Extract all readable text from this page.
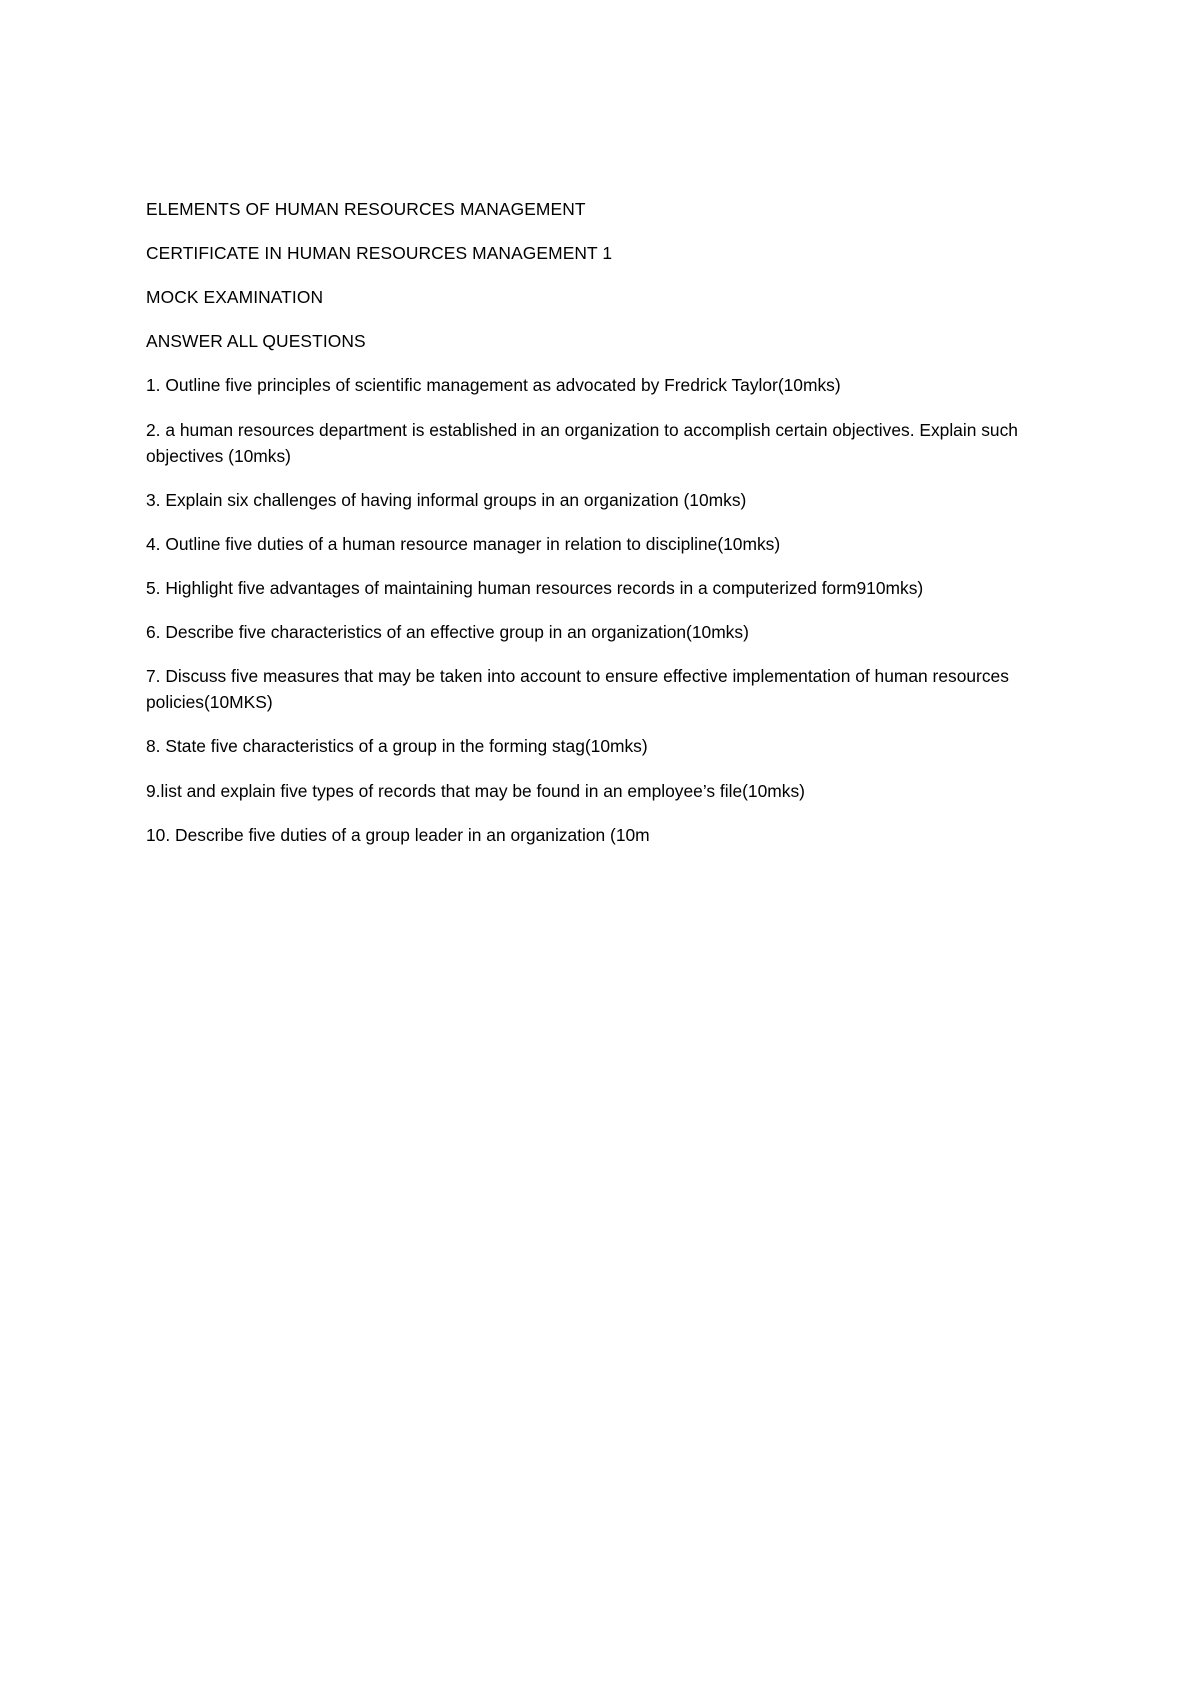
ELEMENTS OF HUMAN RESOURCES MANAGEMENT
CERTIFICATE IN HUMAN RESOURCES MANAGEMENT 1
MOCK EXAMINATION
ANSWER ALL QUESTIONS
1. Outline five principles of scientific management as advocated by Fredrick Taylor(10mks)
2. a human resources department is established in an organization to accomplish certain objectives. Explain such objectives (10mks)
3. Explain six challenges of having informal groups in an organization (10mks)
4. Outline five duties of a human resource manager in relation to discipline(10mks)
5. Highlight five advantages of maintaining human resources records in a computerized form910mks)
6. Describe five characteristics of an effective group in an organization(10mks)
7. Discuss five measures that may be taken into account to ensure effective implementation of human resources policies(10MKS)
8. State five characteristics of a group in the forming stag(10mks)
9.list and explain five types of records that may be found in an employee’s file(10mks)
10. Describe five duties of a group leader in an organization (10m
